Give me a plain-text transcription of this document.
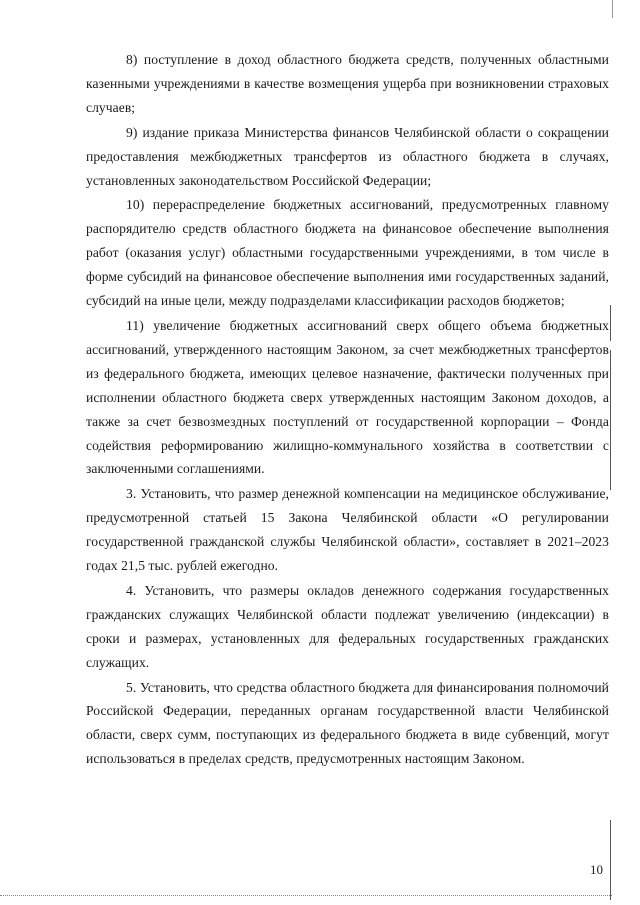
8) поступление в доход областного бюджета средств, полученных областными казенными учреждениями в качестве возмещения ущерба при возникновении страховых случаев;

9) издание приказа Министерства финансов Челябинской области о сокращении предоставления межбюджетных трансфертов из областного бюджета в случаях, установленных законодательством Российской Федерации;

10) перераспределение бюджетных ассигнований, предусмотренных главному распорядителю средств областного бюджета на финансовое обеспечение выполнения работ (оказания услуг) областными государственными учреждениями, в том числе в форме субсидий на финансовое обеспечение выполнения ими государственных заданий, субсидий на иные цели, между подразделами классификации расходов бюджетов;

11) увеличение бюджетных ассигнований сверх общего объема бюджетных ассигнований, утвержденного настоящим Законом, за счет межбюджетных трансфертов из федерального бюджета, имеющих целевое назначение, фактически полученных при исполнении областного бюджета сверх утвержденных настоящим Законом доходов, а также за счет безвозмездных поступлений от государственной корпорации – Фонда содействия реформированию жилищно-коммунального хозяйства в соответствии с заключенными соглашениями.

3. Установить, что размер денежной компенсации на медицинское обслуживание, предусмотренной статьей 15 Закона Челябинской области «О регулировании государственной гражданской службы Челябинской области», составляет в 2021–2023 годах 21,5 тыс. рублей ежегодно.

4. Установить, что размеры окладов денежного содержания государственных гражданских служащих Челябинской области подлежат увеличению (индексации) в сроки и размерах, установленных для федеральных государственных гражданских служащих.

5. Установить, что средства областного бюджета для финансирования полномочий Российской Федерации, переданных органам государственной власти Челябинской области, сверх сумм, поступающих из федерального бюджета в виде субвенций, могут использоваться в пределах средств, предусмотренных настоящим Законом.

10
